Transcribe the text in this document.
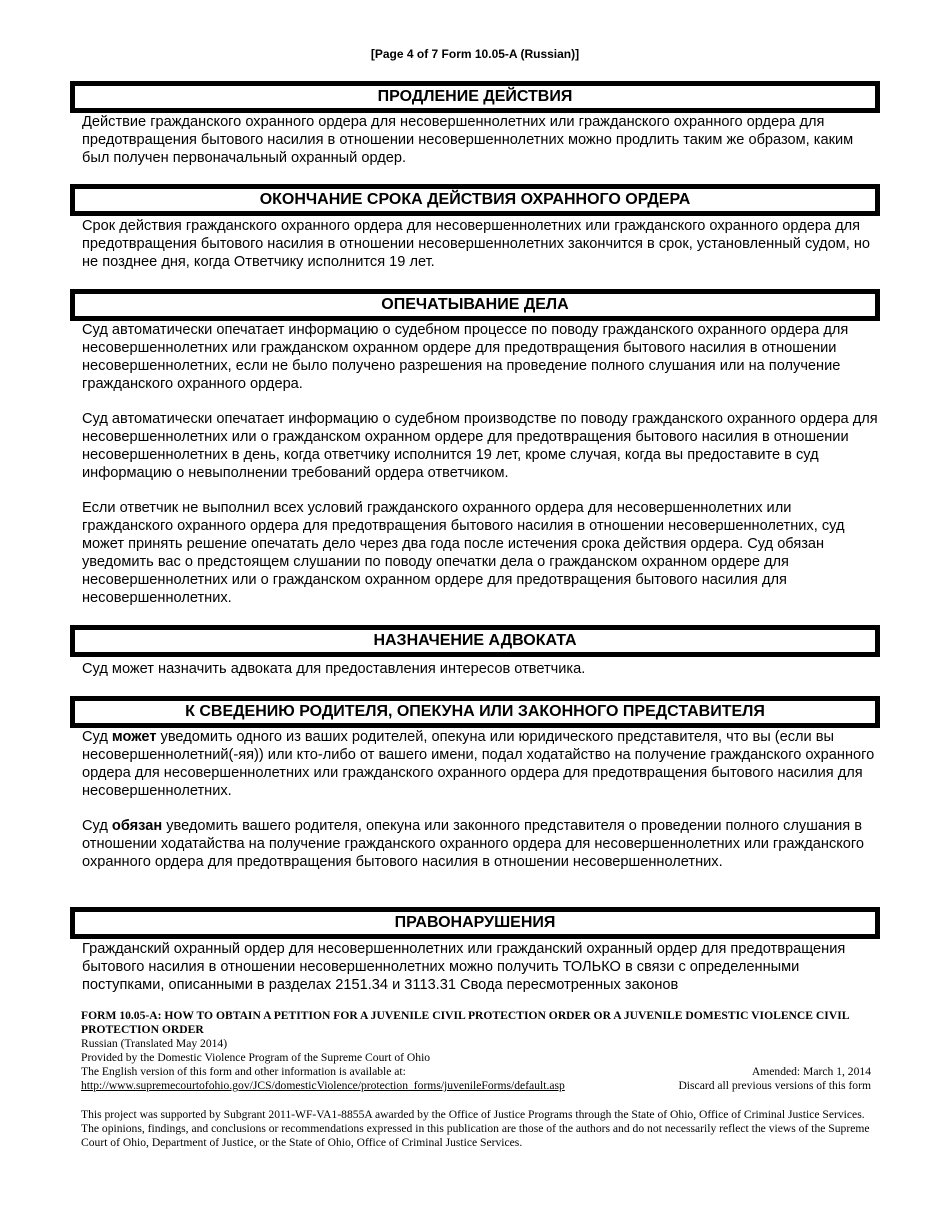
[Page 4 of 7 Form 10.05-A (Russian)]
ПРОДЛЕНИЕ ДЕЙСТВИЯ

Действие гражданского охранного ордера для несовершеннолетних или гражданского охранного ордера для предотвращения бытового насилия в отношении несовершеннолетних можно продлить таким же образом, каким был получен первоначальный охранный ордер.

ОКОНЧАНИЕ СРОКА ДЕЙСТВИЯ ОХРАННОГО ОРДЕРА

Срок действия гражданского охранного ордера для несовершеннолетних или гражданского охранного ордера для предотвращения бытового насилия в отношении несовершеннолетних закончится в срок, установленный судом, но не позднее дня, когда Ответчику исполнится 19 лет.

ОПЕЧАТЫВАНИЕ ДЕЛА

Суд автоматически опечатает информацию о судебном процессе по поводу гражданского охранного ордера для несовершеннолетних или гражданском охранном ордере для предотвращения бытового насилия в отношении несовершеннолетних, если не было получено разрешения на проведение полного слушания или на получение гражданского охранного ордера.

Суд автоматически опечатает информацию о судебном производстве по поводу гражданского охранного ордера для несовершеннолетних или о гражданском охранном ордере для предотвращения бытового насилия в отношении несовершеннолетних в день, когда ответчику исполнится 19 лет, кроме случая, когда вы предоставите в суд информацию о невыполнении требований ордера ответчиком.

Если ответчик не выполнил всех условий гражданского охранного ордера для несовершеннолетних или гражданского охранного ордера для предотвращения бытового насилия в отношении несовершеннолетних, суд может принять решение опечатать дело через два года после истечения срока действия ордера. Суд обязан уведомить вас о предстоящем слушании по поводу опечатки дела о гражданском охранном ордере для несовершеннолетних или о гражданском охранном ордере для предотвращения бытового насилия для несовершеннолетних.

НАЗНАЧЕНИЕ АДВОКАТА

Суд может назначить адвоката для предоставления интересов ответчика.

К СВЕДЕНИЮ РОДИТЕЛЯ, ОПЕКУНА ИЛИ ЗАКОННОГО ПРЕДСТАВИТЕЛЯ

Суд может уведомить одного из ваших родителей, опекуна или юридического представителя, что вы (если вы несовершеннолетний(-яя)) или кто-либо от вашего имени, подал ходатайство на получение гражданского охранного ордера для несовершеннолетних или гражданского охранного ордера для предотвращения бытового насилия для несовершеннолетних.

Суд обязан уведомить вашего родителя, опекуна или законного представителя о проведении полного слушания в отношении ходатайства на получение гражданского охранного ордера для несовершеннолетних или гражданского охранного ордера для предотвращения бытового насилия в отношении несовершеннолетних.

ПРАВОНАРУШЕНИЯ

Гражданский охранный ордер для несовершеннолетних или гражданский охранный ордер для предотвращения бытового насилия в отношении несовершеннолетних можно получить ТОЛЬКО в связи с определенными поступками, описанными в разделах 2151.34 и 3113.31 Свода пересмотренных законов

FORM 10.05-A: HOW TO OBTAIN A PETITION FOR A JUVENILE CIVIL PROTECTION ORDER OR A JUVENILE DOMESTIC VIOLENCE CIVIL PROTECTION ORDER
Russian (Translated May 2014)
Provided by the Domestic Violence Program of the Supreme Court of Ohio
The English version of this form and other information is available at:	Amended: March 1, 2014
http://www.supremecourtofohio.gov/JCS/domesticViolence/protection_forms/juvenileForms/default.asp	Discard all previous versions of this form
This project was supported by Subgrant 2011-WF-VA1-8855A awarded by the Office of Justice Programs through the State of Ohio, Office of Criminal Justice Services. The opinions, findings, and conclusions or recommendations expressed in this publication are those of the authors and do not necessarily reflect the views of the Supreme Court of Ohio, Department of Justice, or the State of Ohio, Office of Criminal Justice Services.
